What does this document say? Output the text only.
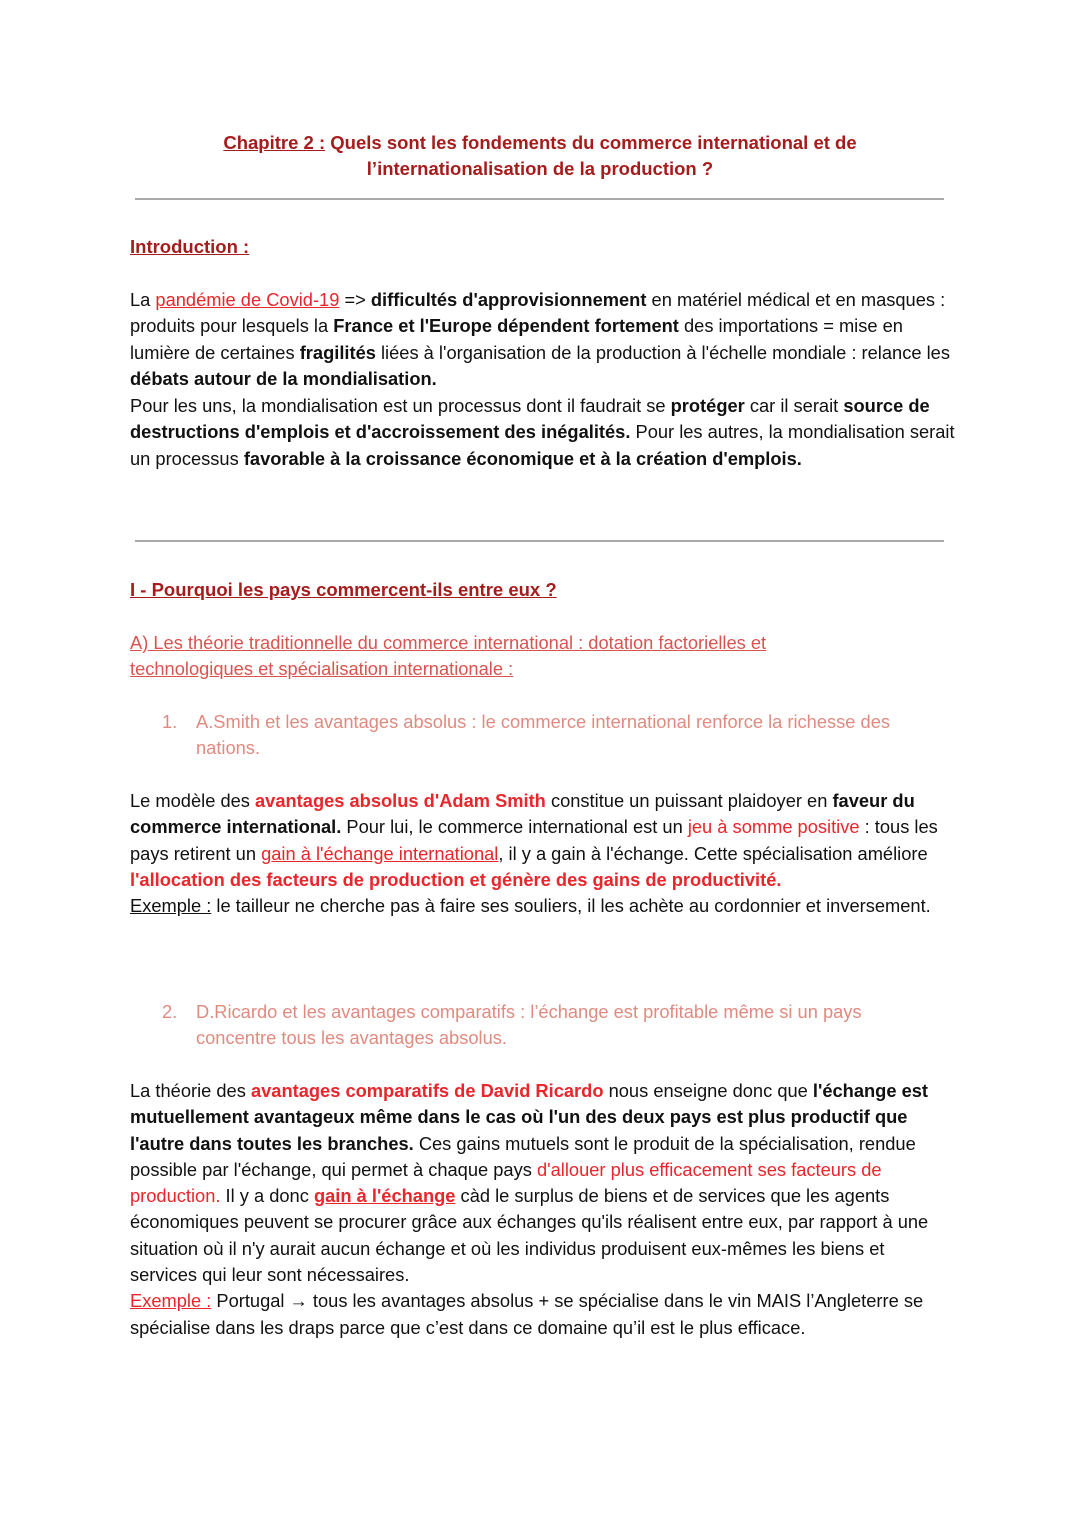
Chapitre 2 : Quels sont les fondements du commerce international et de
l’internationalisation de la production ?
Introduction :
La pandémie de Covid-19 => difficultés d'approvisionnement en matériel médical et en masques : produits pour lesquels la France et l'Europe dépendent fortement des importations = mise en lumière de certaines fragilités liées à l'organisation de la production à l'échelle mondiale : relance les débats autour de la mondialisation.
Pour les uns, la mondialisation est un processus dont il faudrait se protéger car il serait source de destructions d'emplois et d'accroissement des inégalités. Pour les autres, la mondialisation serait un processus favorable à la croissance économique et à la création d'emplois.
I - Pourquoi les pays commercent-ils entre eux ?
A) Les théorie traditionnelle du commerce international : dotation factorielles et
technologiques et spécialisation internationale :
1. A.Smith et les avantages absolus : le commerce international renforce la richesse des nations.
Le modèle des avantages absolus d'Adam Smith constitue un puissant plaidoyer en faveur du commerce international. Pour lui, le commerce international est un jeu à somme positive : tous les pays retirent un gain à l'échange international, il y a gain à l'échange. Cette spécialisation améliore l'allocation des facteurs de production et génère des gains de productivité.
Exemple : le tailleur ne cherche pas à faire ses souliers, il les achète au cordonnier et inversement.
2. D.Ricardo et les avantages comparatifs : l’échange est profitable même si un pays concentre tous les avantages absolus.
La théorie des avantages comparatifs de David Ricardo nous enseigne donc que l'échange est mutuellement avantageux même dans le cas où l'un des deux pays est plus productif que l'autre dans toutes les branches. Ces gains mutuels sont le produit de la spécialisation, rendue possible par l'échange, qui permet à chaque pays d'allouer plus efficacement ses facteurs de production. Il y a donc gain à l'échange càd le surplus de biens et de services que les agents économiques peuvent se procurer grâce aux échanges qu'ils réalisent entre eux, par rapport à une situation où il n'y aurait aucun échange et où les individus produisent eux-mêmes les biens et services qui leur sont nécessaires.
Exemple : Portugal → tous les avantages absolus + se spécialise dans le vin MAIS l’Angleterre se spécialise dans les draps parce que c’est dans ce domaine qu’il est le plus efficace.
